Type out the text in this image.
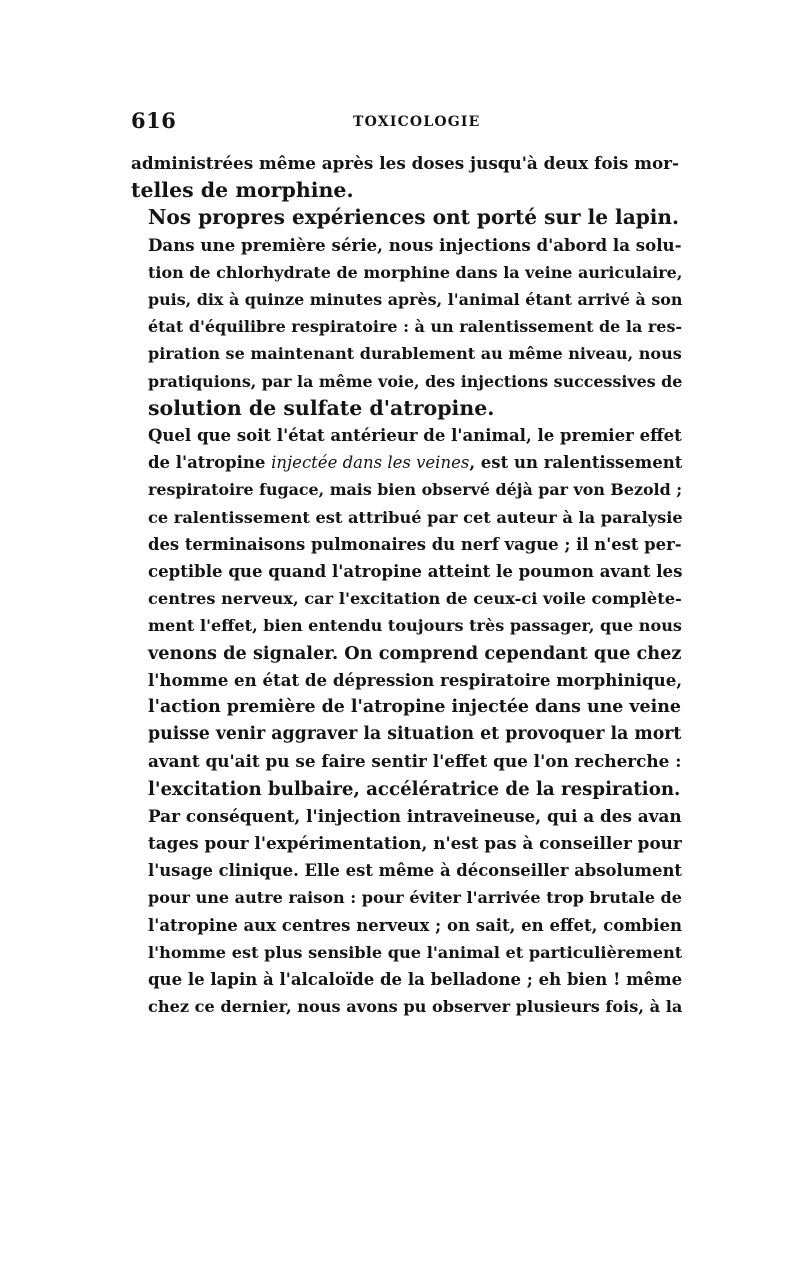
616	TOXICOLOGIE

administrées même après les doses jusqu'à deux fois mor-
telles de morphine.

Nos propres expériences ont porté sur le lapin.

Dans une première série, nous injections d'abord la solu-
tion de chlorhydrate de morphine dans la veine auriculaire,
puis, dix à quinze minutes après, l'animal étant arrivé à son
état d'équilibre respiratoire : à un ralentissement de la res-
piration se maintenant durablement au même niveau, nous
pratiquions, par la même voie, des injections successives de
solution de sulfate d'atropine.

Quel que soit l'état antérieur de l'animal, le premier effet
de l'atropine injectée dans les veines, est un ralentissement
respiratoire fugace, mais bien observé déjà par von Bezold ;
ce ralentissement est attribué par cet auteur à la paralysie
des terminaisons pulmonaires du nerf vague ; il n'est per-
ceptible que quand l'atropine atteint le poumon avant les
centres nerveux, car l'excitation de ceux-ci voile complète-
ment l'effet, bien entendu toujours très passager, que nous
venons de signaler. On comprend cependant que chez
l'homme en état de dépression respiratoire morphinique,
l'action première de l'atropine injectée dans une veine
puisse venir aggraver la situation et provoquer la mort
avant qu'ait pu se faire sentir l'effet que l'on recherche :
l'excitation bulbaire, accélératrice de la respiration.

Par conséquent, l'injection intraveineuse, qui a des avan
tages pour l'expérimentation, n'est pas à conseiller pour
l'usage clinique. Elle est même à déconseiller absolument
pour une autre raison : pour éviter l'arrivée trop brutale de
l'atropine aux centres nerveux ; on sait, en effet, combien
l'homme est plus sensible que l'animal et particulièrement
que le lapin à l'alcaloïde de la belladone ; eh bien ! même
chez ce dernier, nous avons pu observer plusieurs fois, à la
